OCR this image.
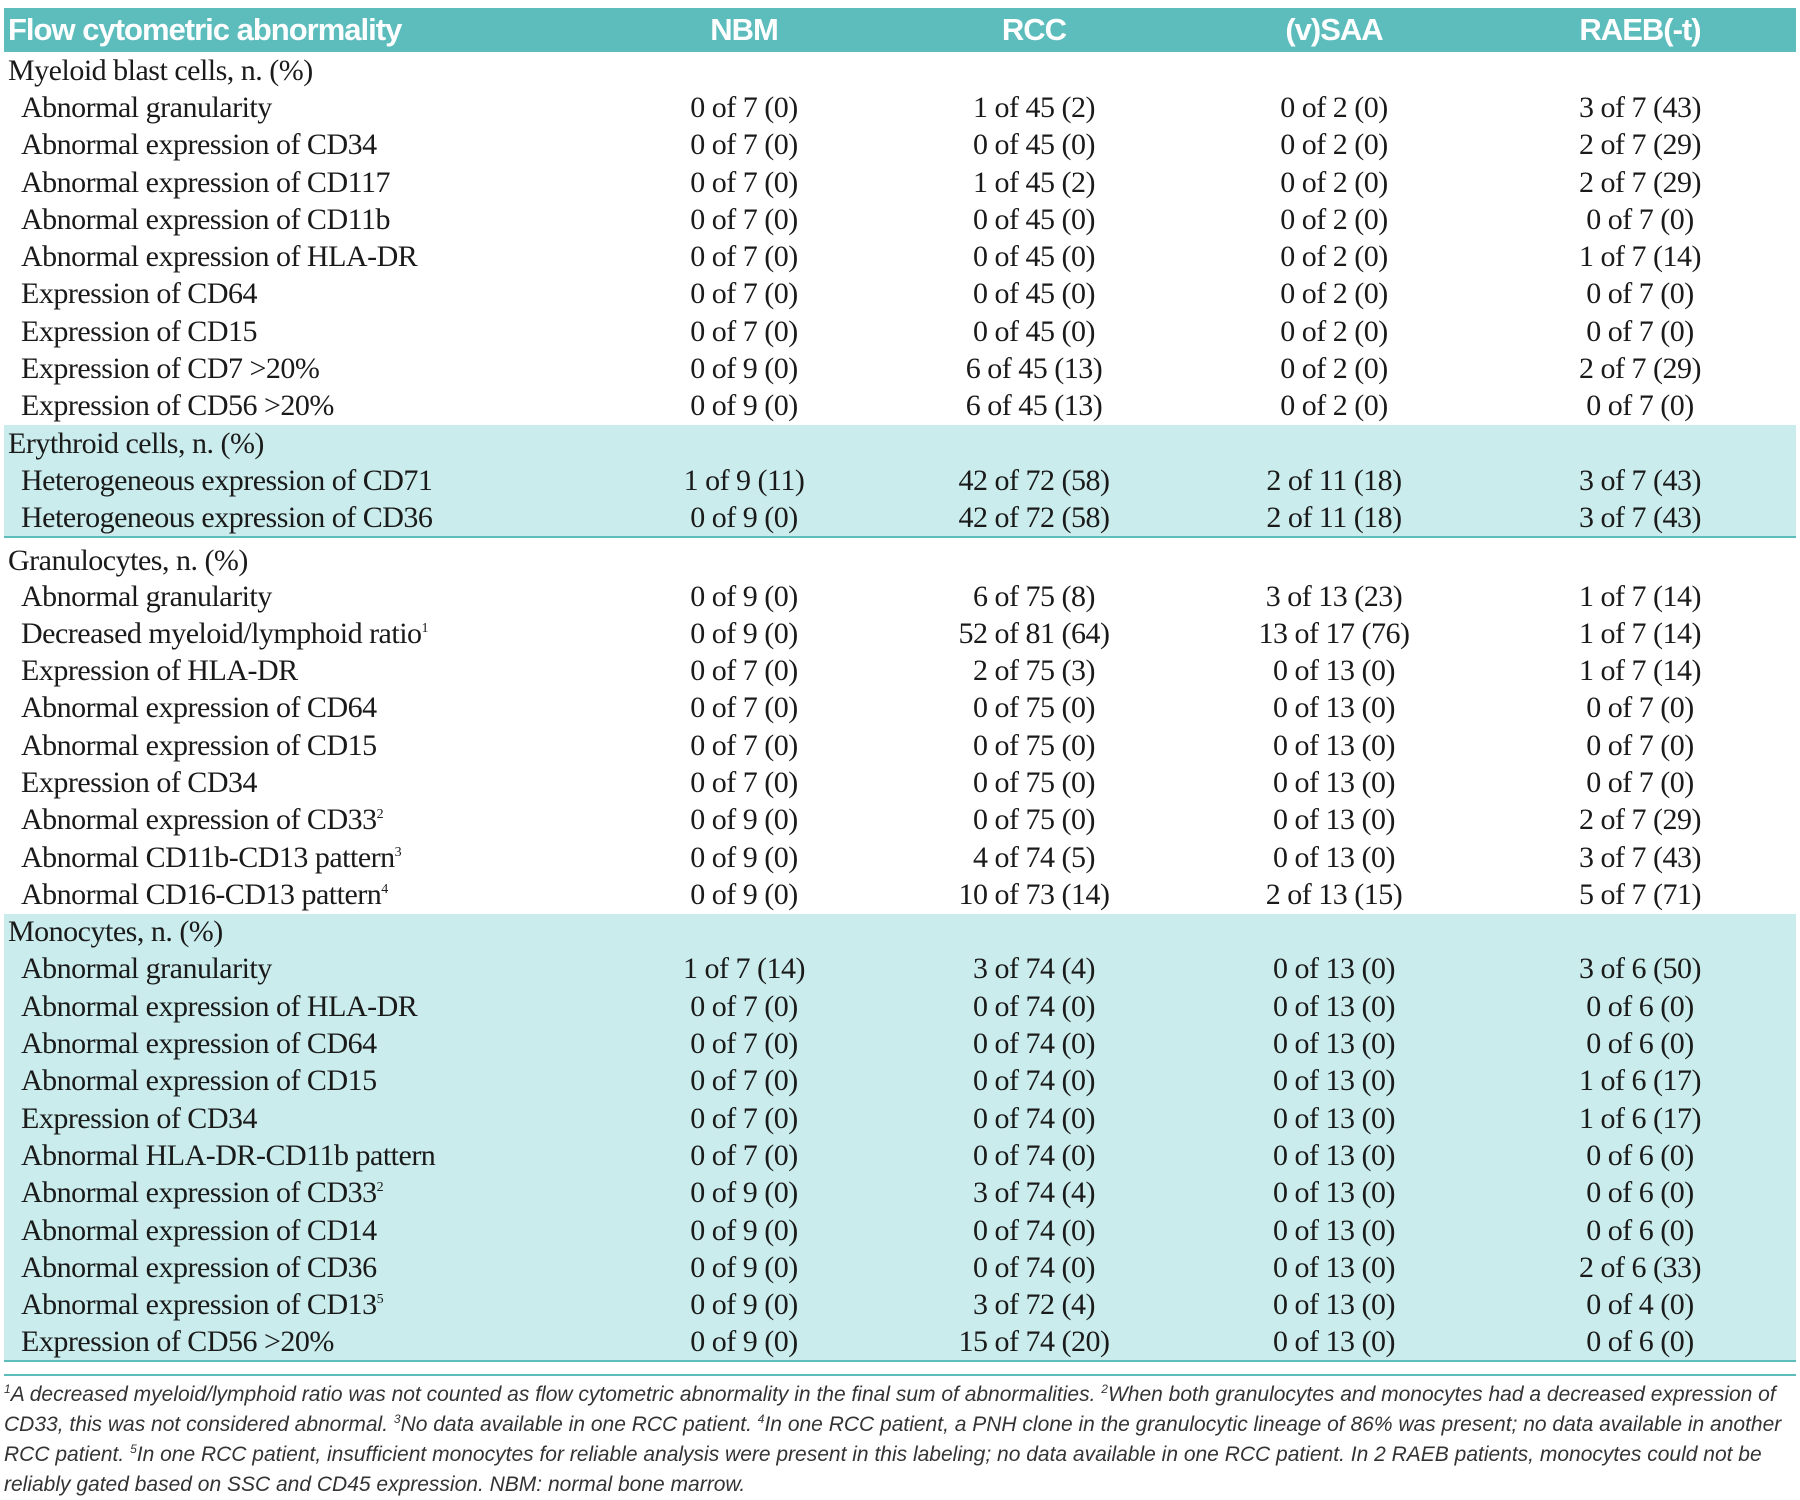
Flow cytometric abnormality	NBM	RCC	(v)SAA	RAEB(-t)
Myeloid blast cells, n. (%)				
Abnormal granularity	0 of 7 (0)	1 of 45 (2)	0 of 2 (0)	3 of 7 (43)
Abnormal expression of CD34	0 of 7 (0)	0 of 45 (0)	0 of 2 (0)	2 of 7 (29)
Abnormal expression of CD117	0 of 7 (0)	1 of 45 (2)	0 of 2 (0)	2 of 7 (29)
Abnormal expression of CD11b	0 of 7 (0)	0 of 45 (0)	0 of 2 (0)	0 of 7 (0)
Abnormal expression of HLA-DR	0 of 7 (0)	0 of 45 (0)	0 of 2 (0)	1 of 7 (14)
Expression of CD64	0 of 7 (0)	0 of 45 (0)	0 of 2 (0)	0 of 7 (0)
Expression of CD15	0 of 7 (0)	0 of 45 (0)	0 of 2 (0)	0 of 7 (0)
Expression of CD7 >20%	0 of 9 (0)	6 of 45 (13)	0 of 2 (0)	2 of 7 (29)
Expression of CD56 >20%	0 of 9 (0)	6 of 45 (13)	0 of 2 (0)	0 of 7 (0)
Erythroid cells, n. (%)				
Heterogeneous expression of CD71	1 of 9 (11)	42 of 72 (58)	2 of 11 (18)	3 of 7 (43)
Heterogeneous expression of CD36	0 of 9 (0)	42 of 72 (58)	2 of 11 (18)	3 of 7 (43)
Granulocytes, n. (%)				
Abnormal granularity	0 of 9 (0)	6 of 75 (8)	3 of 13 (23)	1 of 7 (14)
Decreased myeloid/lymphoid ratio$^1$	0 of 9 (0)	52 of 81 (64)	13 of 17 (76)	1 of 7 (14)
Expression of HLA-DR	0 of 7 (0)	2 of 75 (3)	0 of 13 (0)	1 of 7 (14)
Abnormal expression of CD64	0 of 7 (0)	0 of 75 (0)	0 of 13 (0)	0 of 7 (0)
Abnormal expression of CD15	0 of 7 (0)	0 of 75 (0)	0 of 13 (0)	0 of 7 (0)
Expression of CD34	0 of 7 (0)	0 of 75 (0)	0 of 13 (0)	0 of 7 (0)
Abnormal expression of $CD33^2$	0 of 9 (0)	0 of 75 (0)	0 of 13 (0)	2 of 7 (29)
Abnormal CD11b-CD13 pattern$^3$	0 of 9 (0)	4 of 74 (5)	0 of 13 (0)	3 of 7 (43)
Abnormal CD16-CD13 pattern$^4$	0 of 9 (0)	10 of 73 (14)	2 of 13 (15)	5 of 7 (71)
Monocytes, n. (%)				
Abnormal granularity	1 of 7 (14)	3 of 74 (4)	0 of 13 (0)	3 of 6 (50)
Abnormal expression of HLA-DR	0 of 7 (0)	0 of 74 (0)	0 of 13 (0)	0 of 6 (0)
Abnormal expression of CD64	0 of 7 (0)	0 of 74 (0)	0 of 13 (0)	0 of 6 (0)
Abnormal expression of CD15	0 of 7 (0)	0 of 74 (0)	0 of 13 (0)	1 of 6 (17)
Expression of CD34	0 of 7 (0)	0 of 74 (0)	0 of 13 (0)	1 of 6 (17)
Abnormal HLA-DR-CD11b pattern	0 of 7 (0)	0 of 74 (0)	0 of 13 (0)	0 of 6 (0)
Abnormal expression of $CD33^2$	0 of 9 (0)	3 of 74 (4)	0 of 13 (0)	0 of 6 (0)
Abnormal expression of CD14	0 of 9 (0)	0 of 74 (0)	0 of 13 (0)	0 of 6 (0)
Abnormal expression of CD36	0 of 9 (0)	0 of 74 (0)	0 of 13 (0)	2 of 6 (33)
Abnormal expression of $CD13^5$	0 of 9 (0)	3 of 72 (4)	0 of 13 (0)	0 of 4 (0)
Expression of CD56 >20%	0 of 9 (0)	15 of 74 (20)	0 of 13 (0)	0 of 6 (0)
$^1$A decreased myeloid/lymphoid ratio was not counted as flow cytometric abnormality in the final sum of abnormalities. $^2$When both granulocytes and monocytes had a decreased expression of CD33, this was not considered abnormal. $^3$No data available in one RCC patient. $^4$In one RCC patient, a PNH clone in the granulocytic lineage of 86% was present; no data available in another RCC patient. $^5$In one RCC patient, insufficient monocytes for reliable analysis were present in this labeling; no data available in one RCC patient. In 2 RAEB patients, monocytes could not be reliably gated based on SSC and CD45 expression. NBM: normal bone marrow.
